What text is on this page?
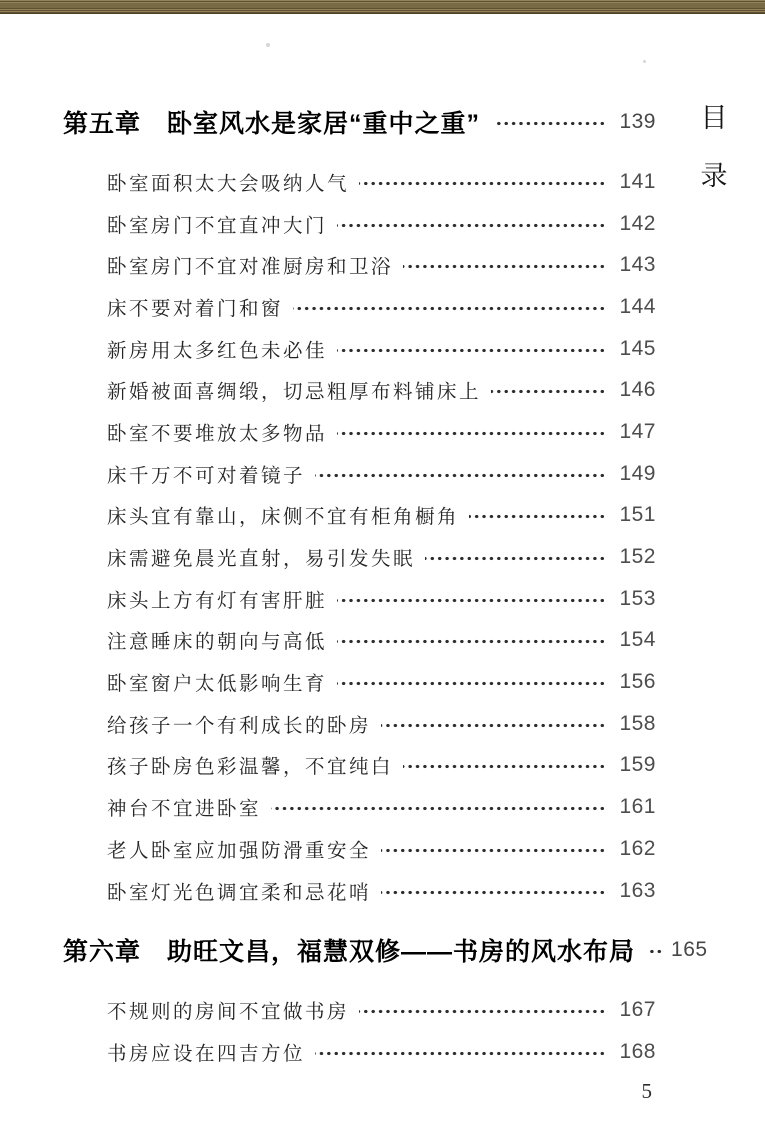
第五章　卧室风水是家居“重中之重”	139
卧室面积太大会吸纳人气	141
卧室房门不宜直冲大门	142
卧室房门不宜对准厨房和卫浴	143
床不要对着门和窗	144
新房用太多红色未必佳	145
新婚被面喜绸缎，切忌粗厚布料铺床上	146
卧室不要堆放太多物品	147
床千万不可对着镜子	149
床头宜有靠山，床侧不宜有柜角橱角	151
床需避免晨光直射，易引发失眠	152
床头上方有灯有害肝脏	153
注意睡床的朝向与高低	154
卧室窗户太低影响生育	156
给孩子一个有利成长的卧房	158
孩子卧房色彩温馨，不宜纯白	159
神台不宜进卧室	161
老人卧室应加强防滑重安全	162
卧室灯光色调宜柔和忌花哨	163
第六章　助旺文昌，福慧双修——书房的风水布局 165
不规则的房间不宜做书房	167
书房应设在四吉方位	168
目
录
5
